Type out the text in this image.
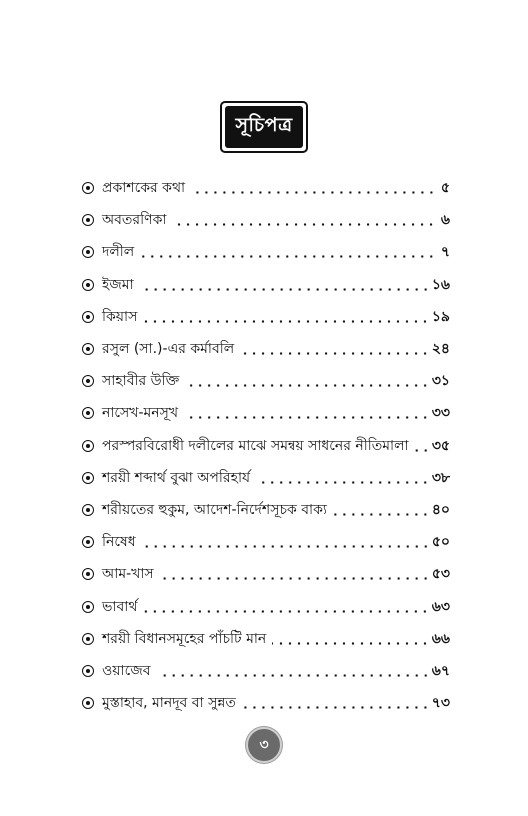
সূচিপত্র
প্রকাশকের কথা	৫
অবতরণিকা	৬
দলীল	৭
ইজমা	১৬
কিয়াস	১৯
রসুল (সা.)-এর কর্মাবলি	২৪
সাহাবীর উক্তি	৩১
নাসেখ-মনসূখ	৩৩
পরস্পরবিরোধী দলীলের মাঝে সমন্বয় সাধনের নীতিমালা	৩৫
শরয়ী শব্দার্থ বুঝা অপরিহার্য	৩৮
শরীয়তের হুকুম, আদেশ-নির্দেশসূচক বাক্য	৪০
নিষেধ	৫০
আম-খাস	৫৩
ভাবার্থ	৬৩
শরয়ী বিধানসমূহের পাঁচটি মান	৬৬
ওয়াজেব	৬৭
মুস্তাহাব, মানদূব বা সুন্নত	৭৩
৩
